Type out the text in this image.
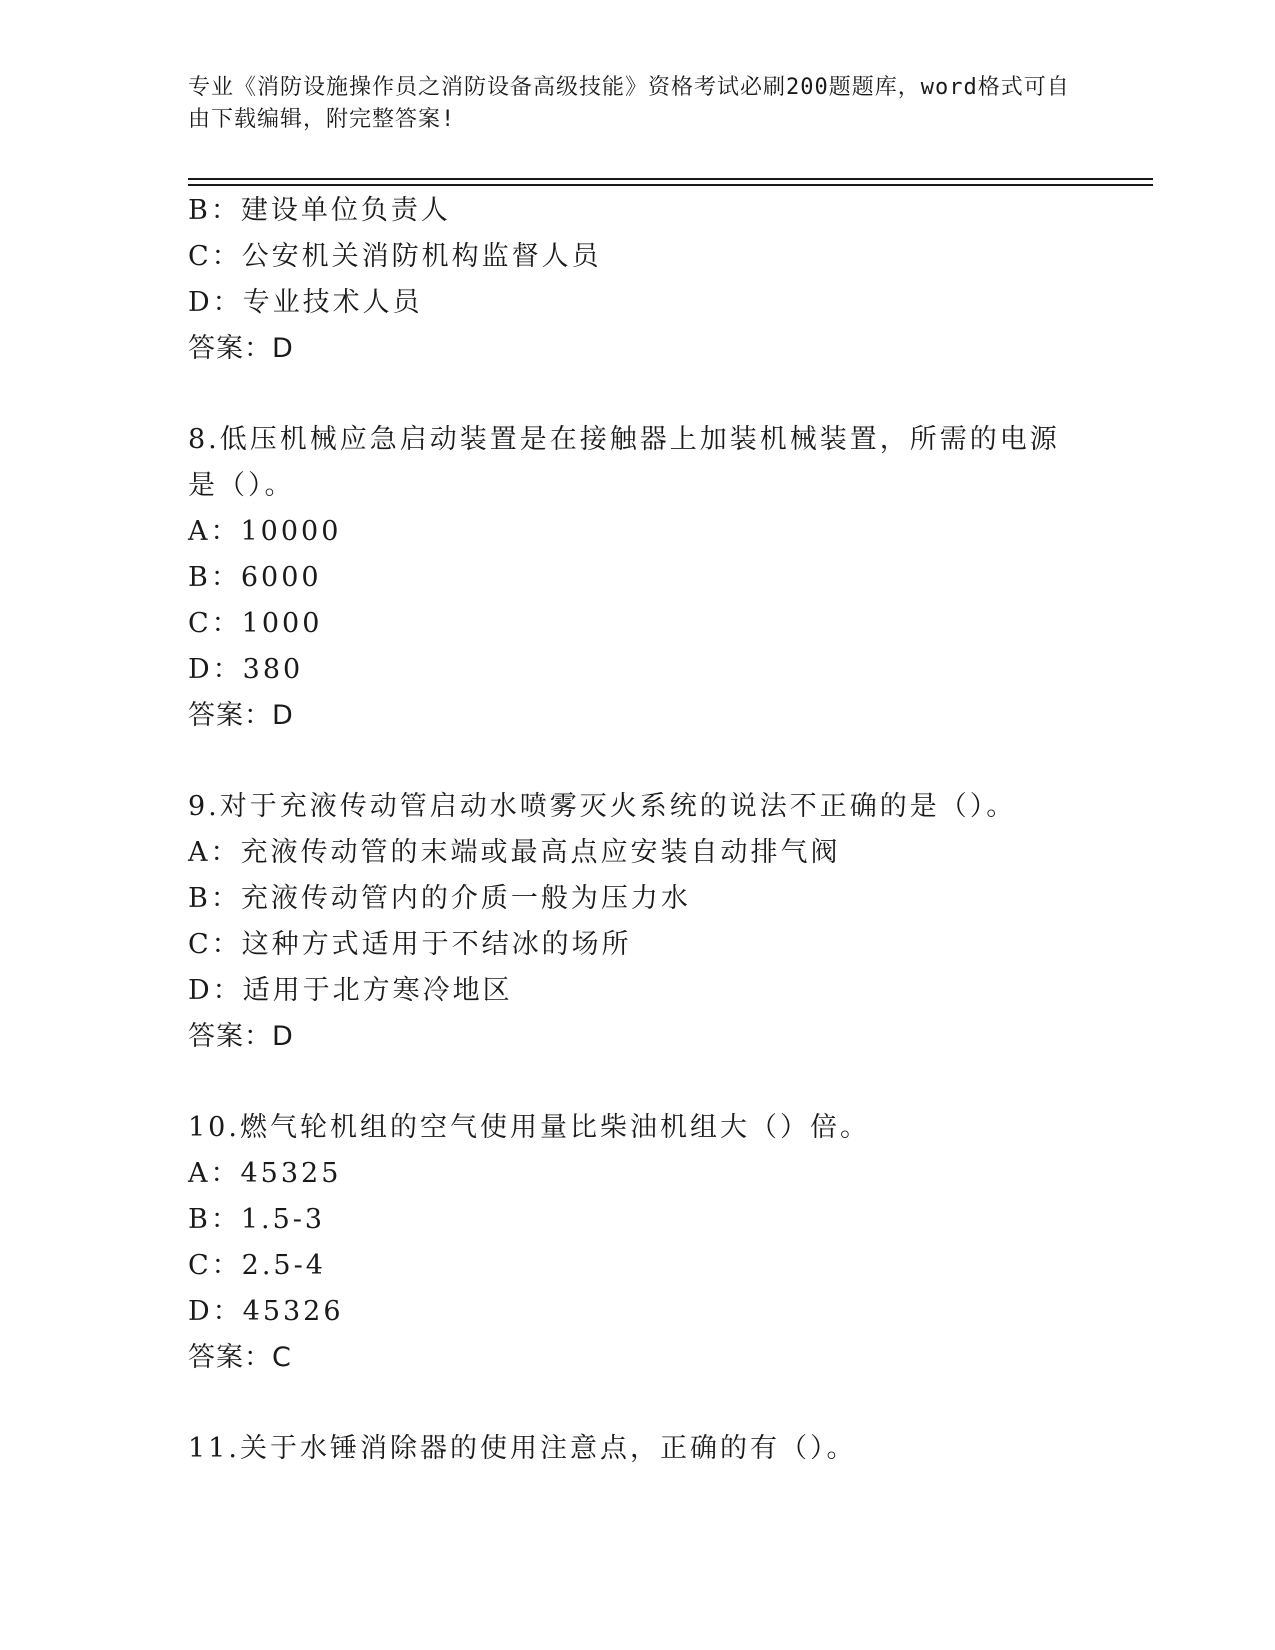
专业《消防设施操作员之消防设备高级技能》资格考试必刷200题题库，word格式可自由下载编辑，附完整答案!
B：建设单位负责人
C：公安机关消防机构监督人员
D：专业技术人员
答案：D
8.低压机械应急启动装置是在接触器上加装机械装置，所需的电源是（）。
A：10000
B：6000
C：1000
D：380
答案：D
9.对于充液传动管启动水喷雾灭火系统的说法不正确的是（）。
A：充液传动管的末端或最高点应安装自动排气阀
B：充液传动管内的介质一般为压力水
C：这种方式适用于不结冰的场所
D：适用于北方寒冷地区
答案：D
10.燃气轮机组的空气使用量比柴油机组大（）倍。
A：45325
B：1.5-3
C：2.5-4
D：45326
答案：C
11.关于水锤消除器的使用注意点，正确的有（）。
